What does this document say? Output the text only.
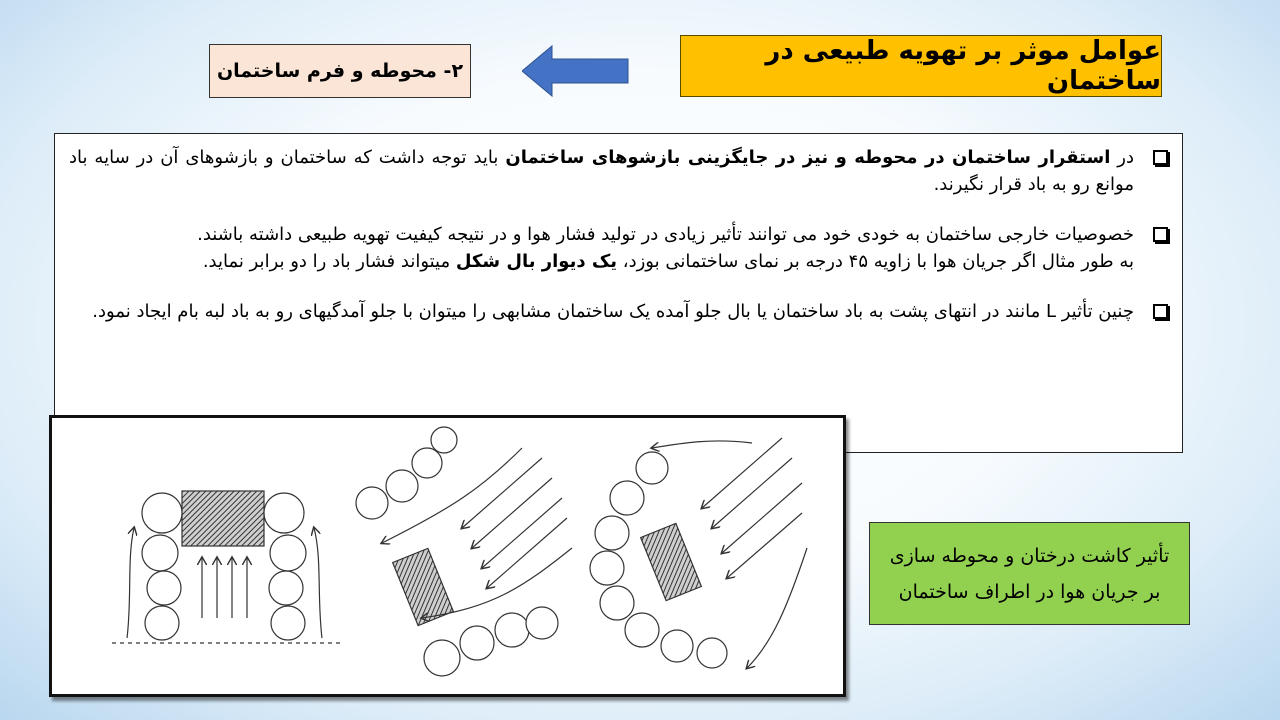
عوامل موثر بر تهویه طبیعی در ساختمان
۲- محوطه و فرم ساختمان

در استقرار ساختمان در محوطه و نیز در جایگزینی بازشوهای ساختمان باید توجه داشت که ساختمان و بازشوهای آن در سایه باد موانع رو به باد قرار نگیرند.

خصوصیات خارجی ساختمان به خودی خود می توانند تأثیر زیادی در تولید فشار هوا و در نتیجه کیفیت تهویه طبیعی داشته باشند.
به طور مثال اگر جریان هوا با زاویه ۴۵ درجه بر نمای ساختمانی بوزد، یک دیوار بال شکل میتواند فشار باد را دو برابر نماید.

چنین تأثیر L مانند در انتهای پشت به باد ساختمان یا بال جلو آمده یک ساختمان مشابهی را میتوان با جلو آمدگیهای رو به باد لبه بام ایجاد نمود.

تأثیر کاشت درختان و محوطه سازی
بر جریان هوا در اطراف ساختمان
